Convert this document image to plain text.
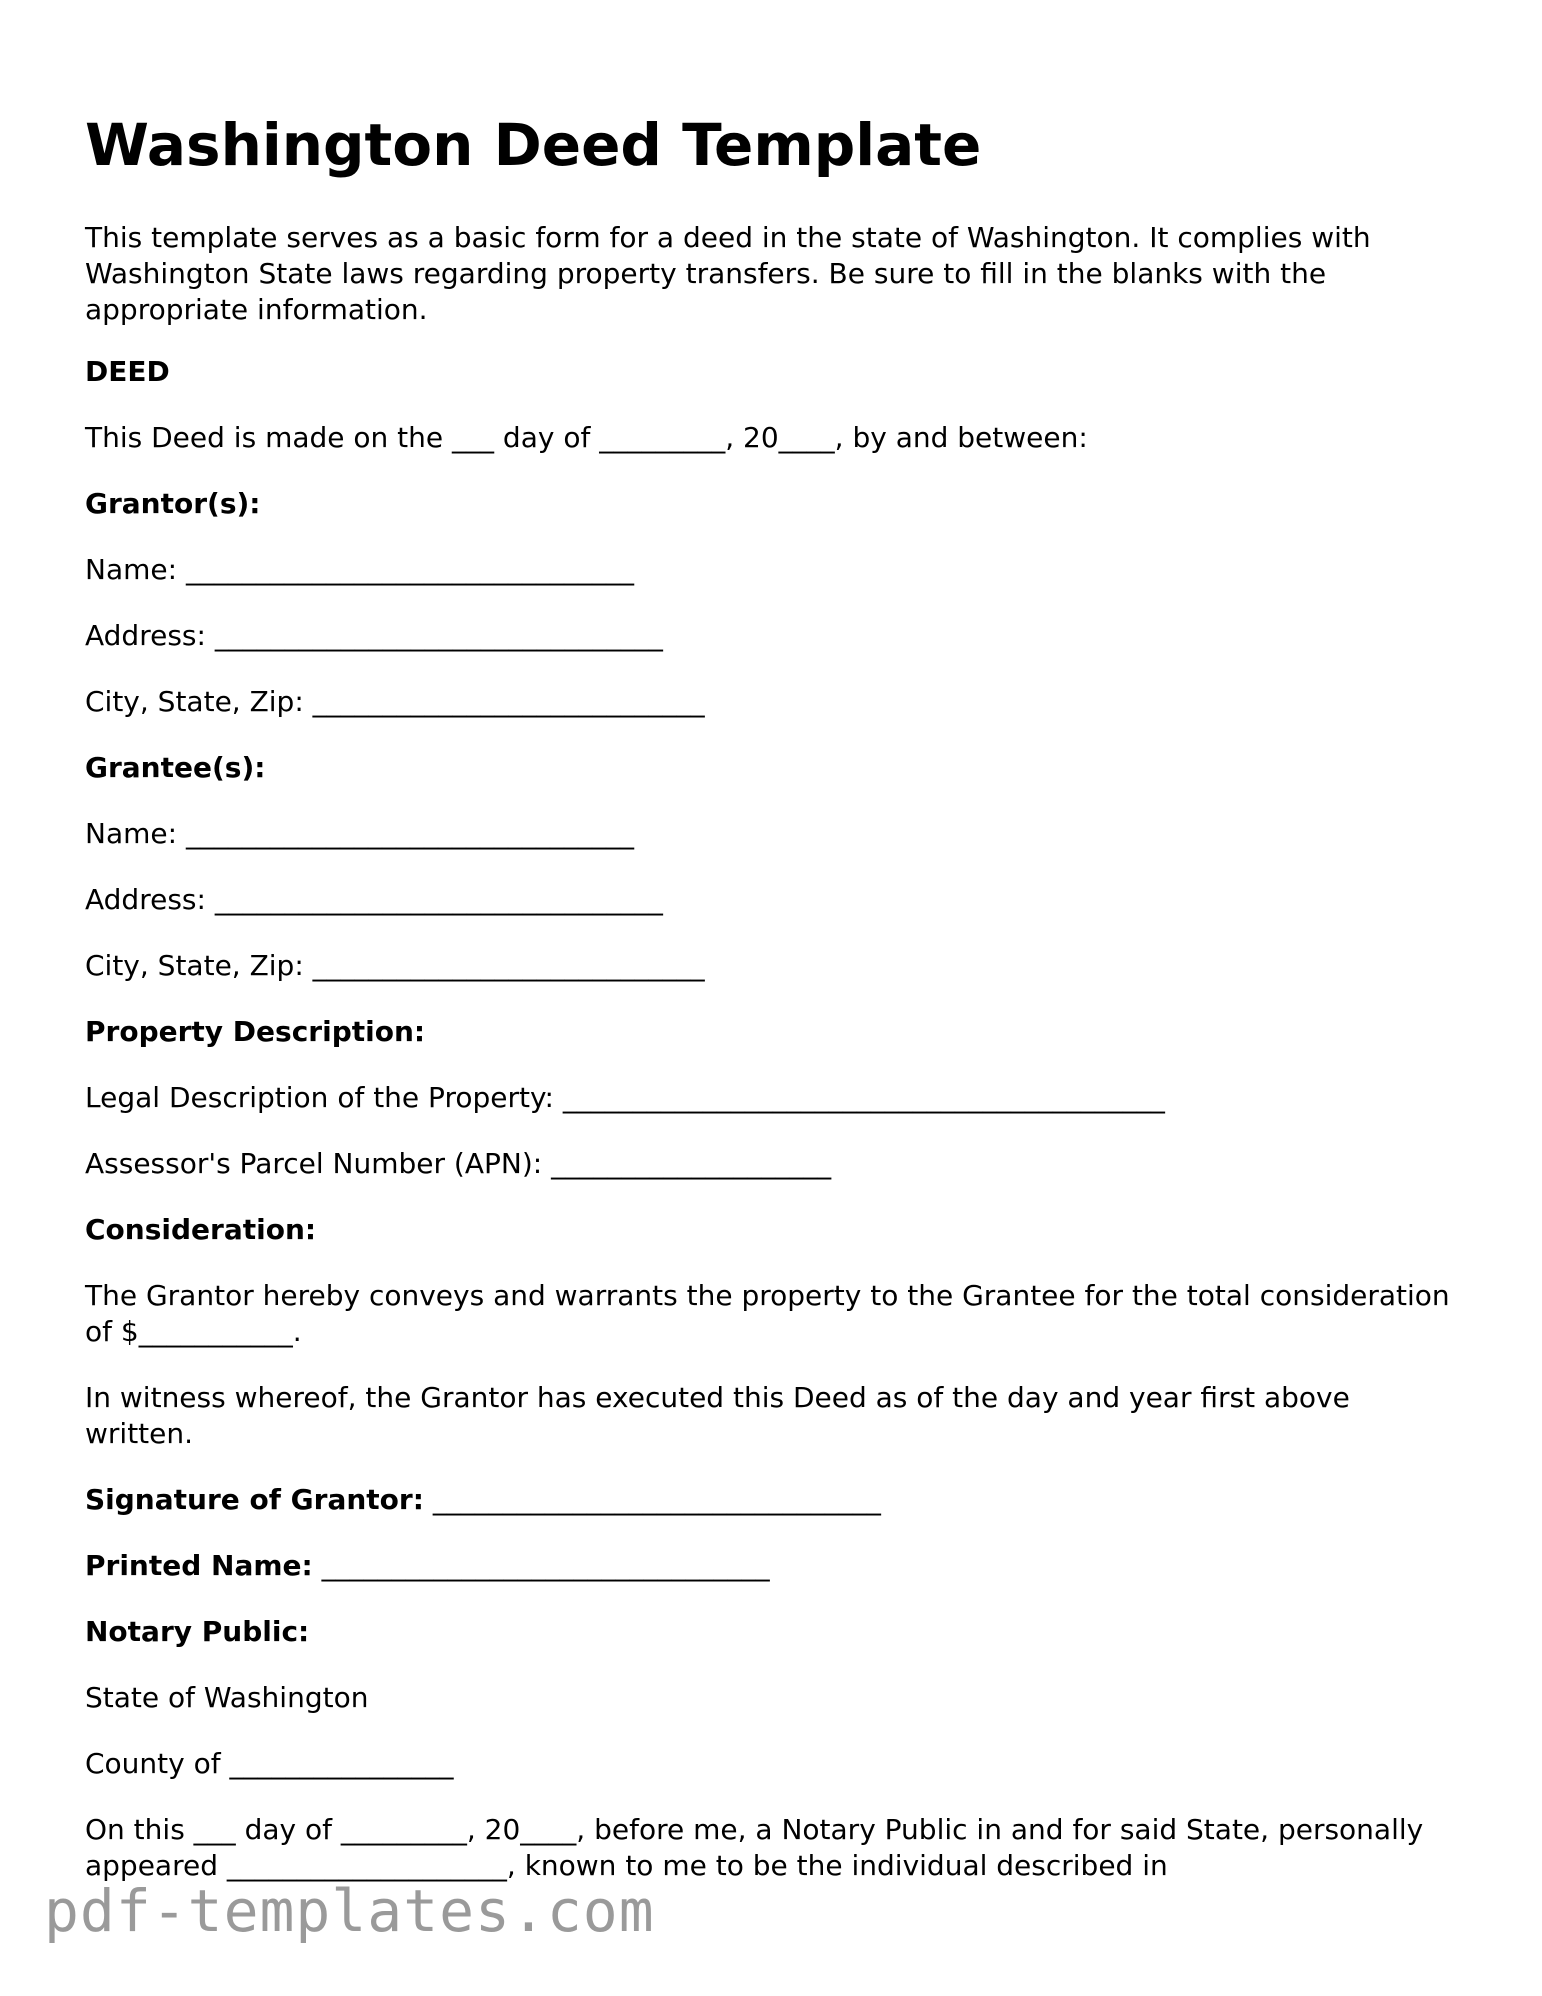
Washington Deed Template

This template serves as a basic form for a deed in the state of Washington. It complies with Washington State laws regarding property transfers. Be sure to fill in the blanks with the appropriate information.

DEED
This Deed is made on the ___ day of _________, 20____, by and between:
Grantor(s):
Name: ________________________________
Address: ________________________________
City, State, Zip: ____________________________
Grantee(s):
Name: ________________________________
Address: ________________________________
City, State, Zip: ____________________________
Property Description:
Legal Description of the Property: ___________________________________________
Assessor's Parcel Number (APN): ____________________
Consideration:

The Grantor hereby conveys and warrants the property to the Grantee for the total consideration of $___________.

In witness whereof, the Grantor has executed this Deed as of the day and year first above written.

Signature of Grantor: ________________________________
Printed Name: ________________________________
Notary Public:
State of Washington
County of ________________

On this ___ day of _________, 20____, before me, a Notary Public in and for said State, personally appeared ____________________, known to me to be the individual described in

pdf-templates.com
